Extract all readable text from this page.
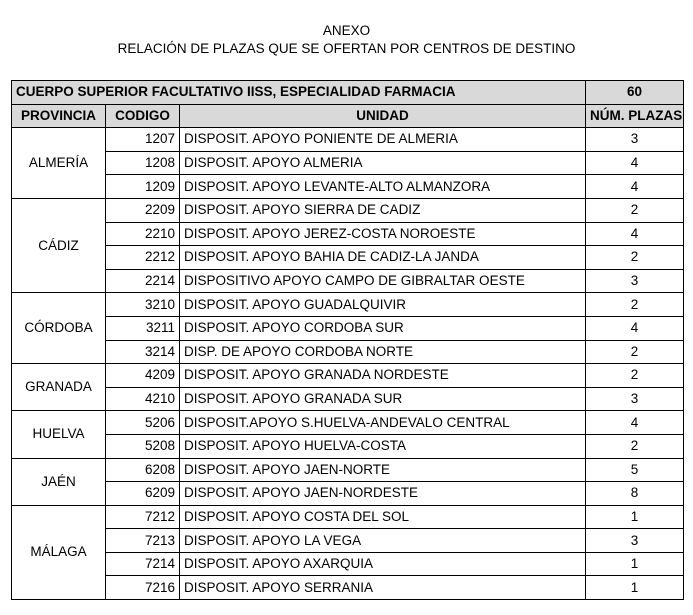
ANEXO
RELACIÓN DE PLAZAS QUE SE OFERTAN POR CENTROS DE DESTINO
CUERPO SUPERIOR FACULTATIVO IISS, ESPECIALIDAD FARMACIA			60
PROVINCIA	CODIGO	UNIDAD	NÚM. PLAZAS
ALMERÍA	1207	DISPOSIT. APOYO PONIENTE DE ALMERIA	3
	1208	DISPOSIT. APOYO ALMERIA	4
	1209	DISPOSIT. APOYO LEVANTE-ALTO ALMANZORA	4
CÁDIZ	2209	DISPOSIT. APOYO SIERRA DE CADIZ	2
	2210	DISPOSIT. APOYO JEREZ-COSTA NOROESTE	4
	2212	DISPOSIT. APOYO BAHIA DE CADIZ-LA JANDA	2
	2214	DISPOSITIVO APOYO CAMPO DE GIBRALTAR OESTE	3
CÓRDOBA	3210	DISPOSIT. APOYO GUADALQUIVIR	2
	3211	DISPOSIT. APOYO CORDOBA SUR	4
	3214	DISP. DE APOYO CORDOBA NORTE	2
GRANADA	4209	DISPOSIT. APOYO GRANADA NORDESTE	2
	4210	DISPOSIT. APOYO GRANADA SUR	3
HUELVA	5206	DISPOSIT.APOYO S.HUELVA-ANDEVALO CENTRAL	4
	5208	DISPOSIT. APOYO HUELVA-COSTA	2
JAÉN	6208	DISPOSIT. APOYO JAEN-NORTE	5
	6209	DISPOSIT. APOYO JAEN-NORDESTE	8
MÁLAGA	7212	DISPOSIT. APOYO COSTA DEL SOL	1
	7213	DISPOSIT. APOYO LA VEGA	3
	7214	DISPOSIT. APOYO AXARQUIA	1
	7216	DISPOSIT. APOYO SERRANIA	1
